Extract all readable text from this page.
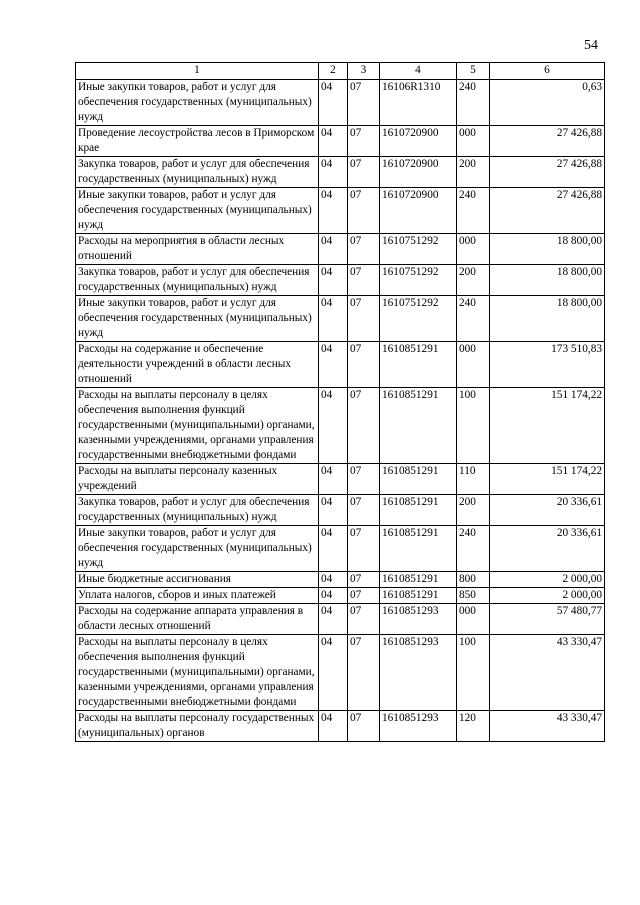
54
1	2	3	4	5	6
Иные закупки товаров, работ и услуг для обеспечения государственных (муниципальных) нужд	04	07	16106R1310	240	0,63
Проведение лесоустройства лесов в Приморском крае	04	07	1610720900	000	27 426,88
Закупка товаров, работ и услуг для обеспечения государственных (муниципальных) нужд	04	07	1610720900	200	27 426,88
Иные закупки товаров, работ и услуг для обеспечения государственных (муниципальных) нужд	04	07	1610720900	240	27 426,88
Расходы на мероприятия в области лесных отношений	04	07	1610751292	000	18 800,00
Закупка товаров, работ и услуг для обеспечения государственных (муниципальных) нужд	04	07	1610751292	200	18 800,00
Иные закупки товаров, работ и услуг для обеспечения государственных (муниципальных) нужд	04	07	1610751292	240	18 800,00
Расходы на содержание и обеспечение деятельности учреждений в области лесных отношений	04	07	1610851291	000	173 510,83
Расходы на выплаты персоналу в целях обеспечения выполнения функций государственными (муниципальными) органами, казенными учреждениями, органами управления государственными внебюджетными фондами	04	07	1610851291	100	151 174,22
Расходы на выплаты персоналу казенных учреждений	04	07	1610851291	110	151 174,22
Закупка товаров, работ и услуг для обеспечения государственных (муниципальных) нужд	04	07	1610851291	200	20 336,61
Иные закупки товаров, работ и услуг для обеспечения государственных (муниципальных) нужд	04	07	1610851291	240	20 336,61
Иные бюджетные ассигнования	04	07	1610851291	800	2 000,00
Уплата налогов, сборов и иных платежей	04	07	1610851291	850	2 000,00
Расходы на содержание аппарата управления в области лесных отношений	04	07	1610851293	000	57 480,77
Расходы на выплаты персоналу в целях обеспечения выполнения функций государственными (муниципальными) органами, казенными учреждениями, органами управления государственными внебюджетными фондами	04	07	1610851293	100	43 330,47
Расходы на выплаты персоналу государственных (муниципальных) органов	04	07	1610851293	120	43 330,47
